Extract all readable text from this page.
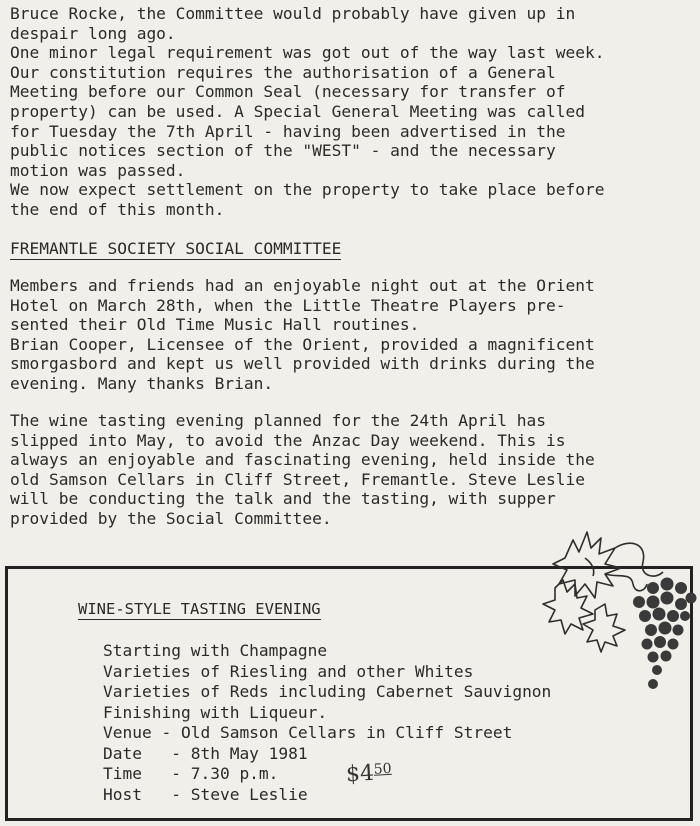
Bruce Rocke, the Committee would probably have given up in
despair long ago.
One minor legal requirement was got out of the way last week.
Our constitution requires the authorisation of a General
Meeting before our Common Seal (necessary for transfer of
property) can be used. A Special General Meeting was called
for Tuesday the 7th April - having been advertised in the
public notices section of the "WEST" - and the necessary
motion was passed.
We now expect settlement on the property to take place before
the end of this month.
FREMANTLE SOCIETY SOCIAL COMMITTEE
Members and friends had an enjoyable night out at the Orient
Hotel on March 28th, when the Little Theatre Players pre-
sented their Old Time Music Hall routines.
Brian Cooper, Licensee of the Orient, provided a magnificent
smorgasbord and kept us well provided with drinks during the
evening. Many thanks Brian.
The wine tasting evening planned for the 24th April has
slipped into May, to avoid the Anzac Day weekend. This is
always an enjoyable and fascinating evening, held inside the
old Samson Cellars in Cliff Street, Fremantle. Steve Leslie
will be conducting the talk and the tasting, with supper
provided by the Social Committee.
WINE-STYLE TASTING EVENING
Starting with Champagne
Varieties of Riesling and other Whites
Varieties of Reds including Cabernet Sauvignon
Finishing with Liqueur.
Venue - Old Samson Cellars in Cliff Street
Date   - 8th May 1981
Time   - 7.30 p.m.
Host   - Steve Leslie
$\$4^{50}$
